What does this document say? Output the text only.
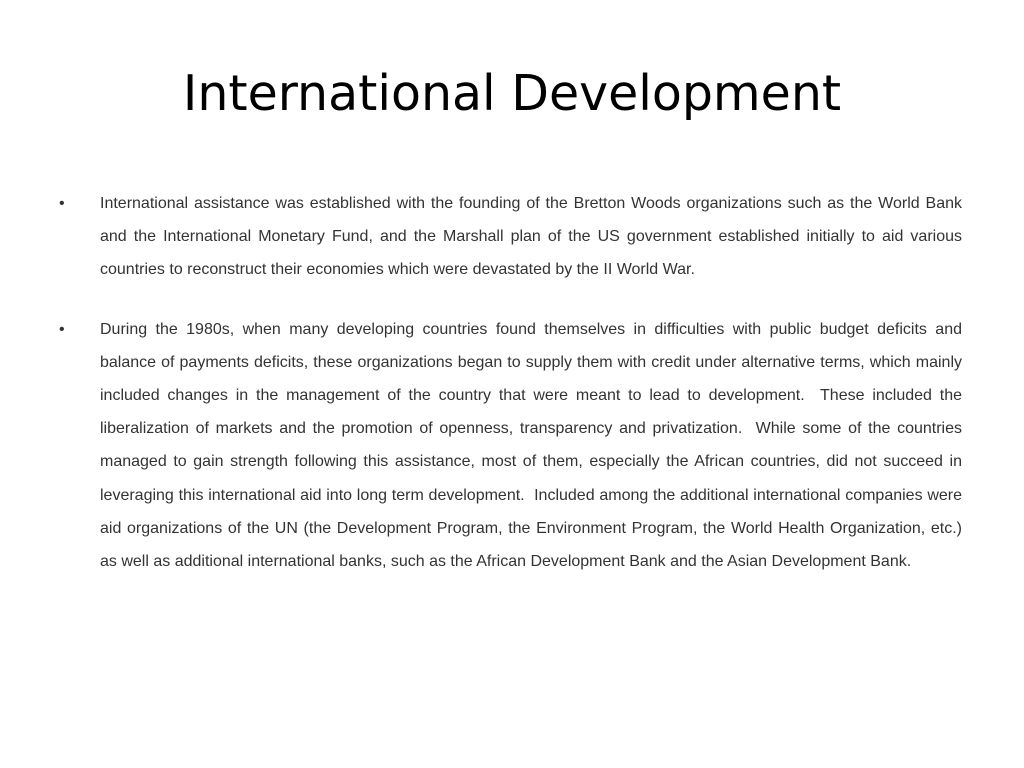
International Development
• International assistance was established with the founding of the Bretton Woods organizations such as the World Bank and the International Monetary Fund, and the Marshall plan of the US government established initially to aid various countries to reconstruct their economies which were devastated by the II World War.
• During the 1980s, when many developing countries found themselves in difficulties with public budget deficits and balance of payments deficits, these organizations began to supply them with credit under alternative terms, which mainly included changes in the management of the country that were meant to lead to development.  These included the liberalization of markets and the promotion of openness, transparency and privatization.  While some of the countries managed to gain strength following this assistance, most of them, especially the African countries, did not succeed in leveraging this international aid into long term development.  Included among the additional international companies were aid organizations of the UN (the Development Program, the Environment Program, the World Health Organization, etc.) as well as additional international banks, such as the African Development Bank and the Asian Development Bank.
